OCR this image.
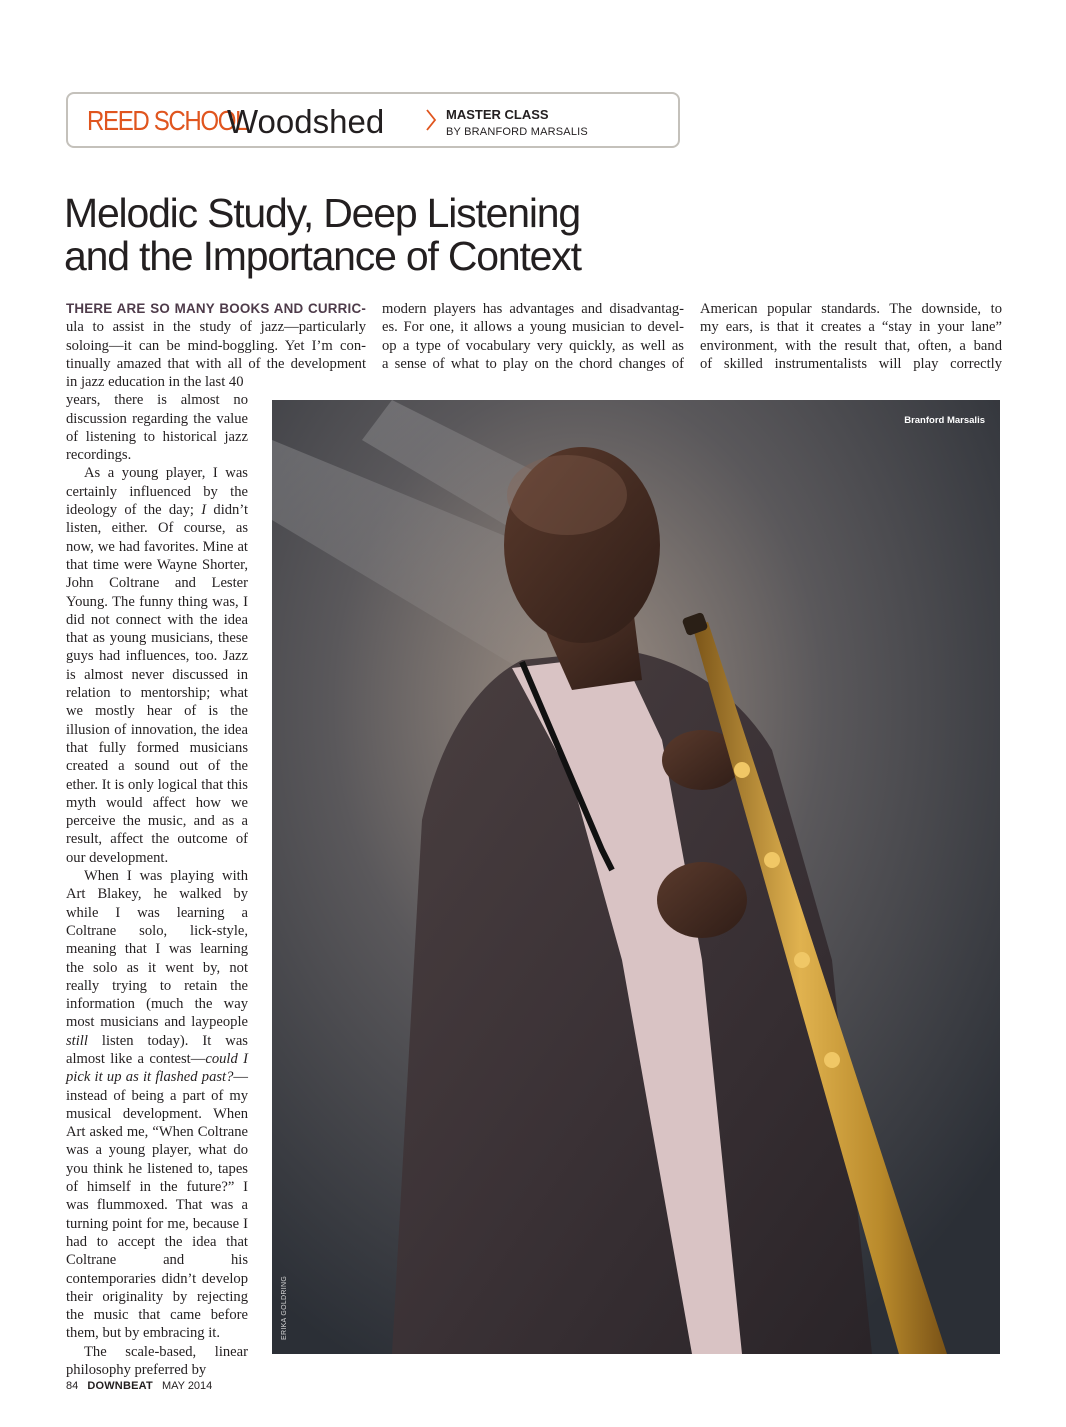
REED SCHOOL
Woodshed	MASTER CLASS
BY BRANFORD MARSALIS
Melodic Study, Deep Listening
and the Importance of Context
THERE ARE SO MANY BOOKS AND CURRIC-
ula to assist in the study of jazz—particularly
soloing—it can be mind-boggling. Yet I’m con-
tinually amazed that with all of the development
in jazz education in the last 40

years, there is almost no discussion regarding the value of listening to historical jazz recordings.

As a young player, I was certainly influenced by the ideology of the day; I didn’t listen, either. Of course, as now, we had favorites. Mine at that time were Wayne Shorter, John Coltrane and Lester Young. The funny thing was, I did not connect with the idea that as young musicians, these guys had influences, too. Jazz is almost never discussed in relation to mentorship; what we mostly hear of is the illusion of innovation, the idea that fully formed musicians created a sound out of the ether. It is only logical that this myth would affect how we perceive the music, and as a result, affect the outcome of our development.

When I was playing with Art Blakey, he walked by while I was learning a Coltrane solo, lick-style, meaning that I was learning the solo as it went by, not really trying to retain the information (much the way most musicians and laypeople still listen today). It was almost like a contest—could I pick it up as it flashed past?—instead of being a part of my musical development. When Art asked me, “When Coltrane was a young player, what do you think he listened to, tapes of himself in the future?” I was flummoxed. That was a turning point for me, because I had to accept the idea that Coltrane and his contemporaries didn’t develop their originality by rejecting the music that came before them, but by embracing it.

The scale-based, linear philosophy preferred by

modern players has advantages and disadvantag-
es. For one, it allows a young musician to devel-
op a type of vocabulary very quickly, as well as
a sense of what to play on the chord changes of
American popular standards. The downside, to
my ears, is that it creates a “stay in your lane”
environment, with the result that, often, a band
of skilled instrumentalists will play correctly
Branford Marsalis
ERIKA GOLDRING
84 DOWNBEAT MAY 2014
